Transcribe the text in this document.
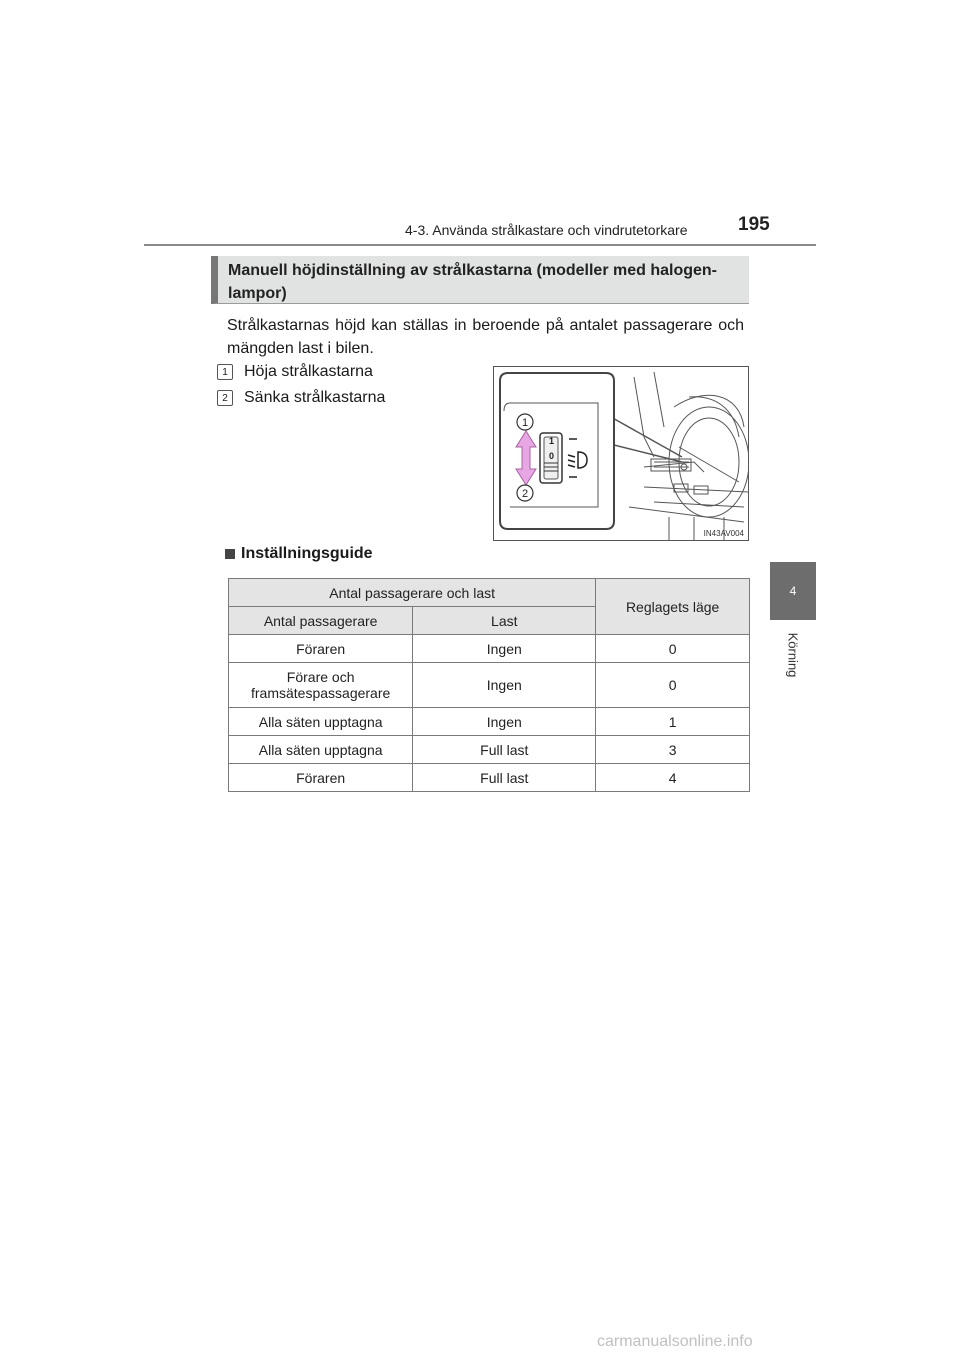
4-3. Använda strålkastare och vindrutetorkare	195
4
Körning
Manuell höjdinställning av strålkastarna (modeller med halogen-lampor)
Strålkastarnas höjd kan ställas in beroende på antalet passagerare och mängden last i bilen.
1	Höja strålkastarna
2	Sänka strålkastarna
1
0
1
2
IN43AV004
Inställningsguide
Antal passagerare och last		Reglagets läge
Antal passagerare	Last	
Föraren	Ingen	0
Förare och framsätespassagerare	Ingen	0
Alla säten upptagna	Ingen	1
Alla säten upptagna	Full last	3
Föraren	Full last	4
carmanualsonline.info
